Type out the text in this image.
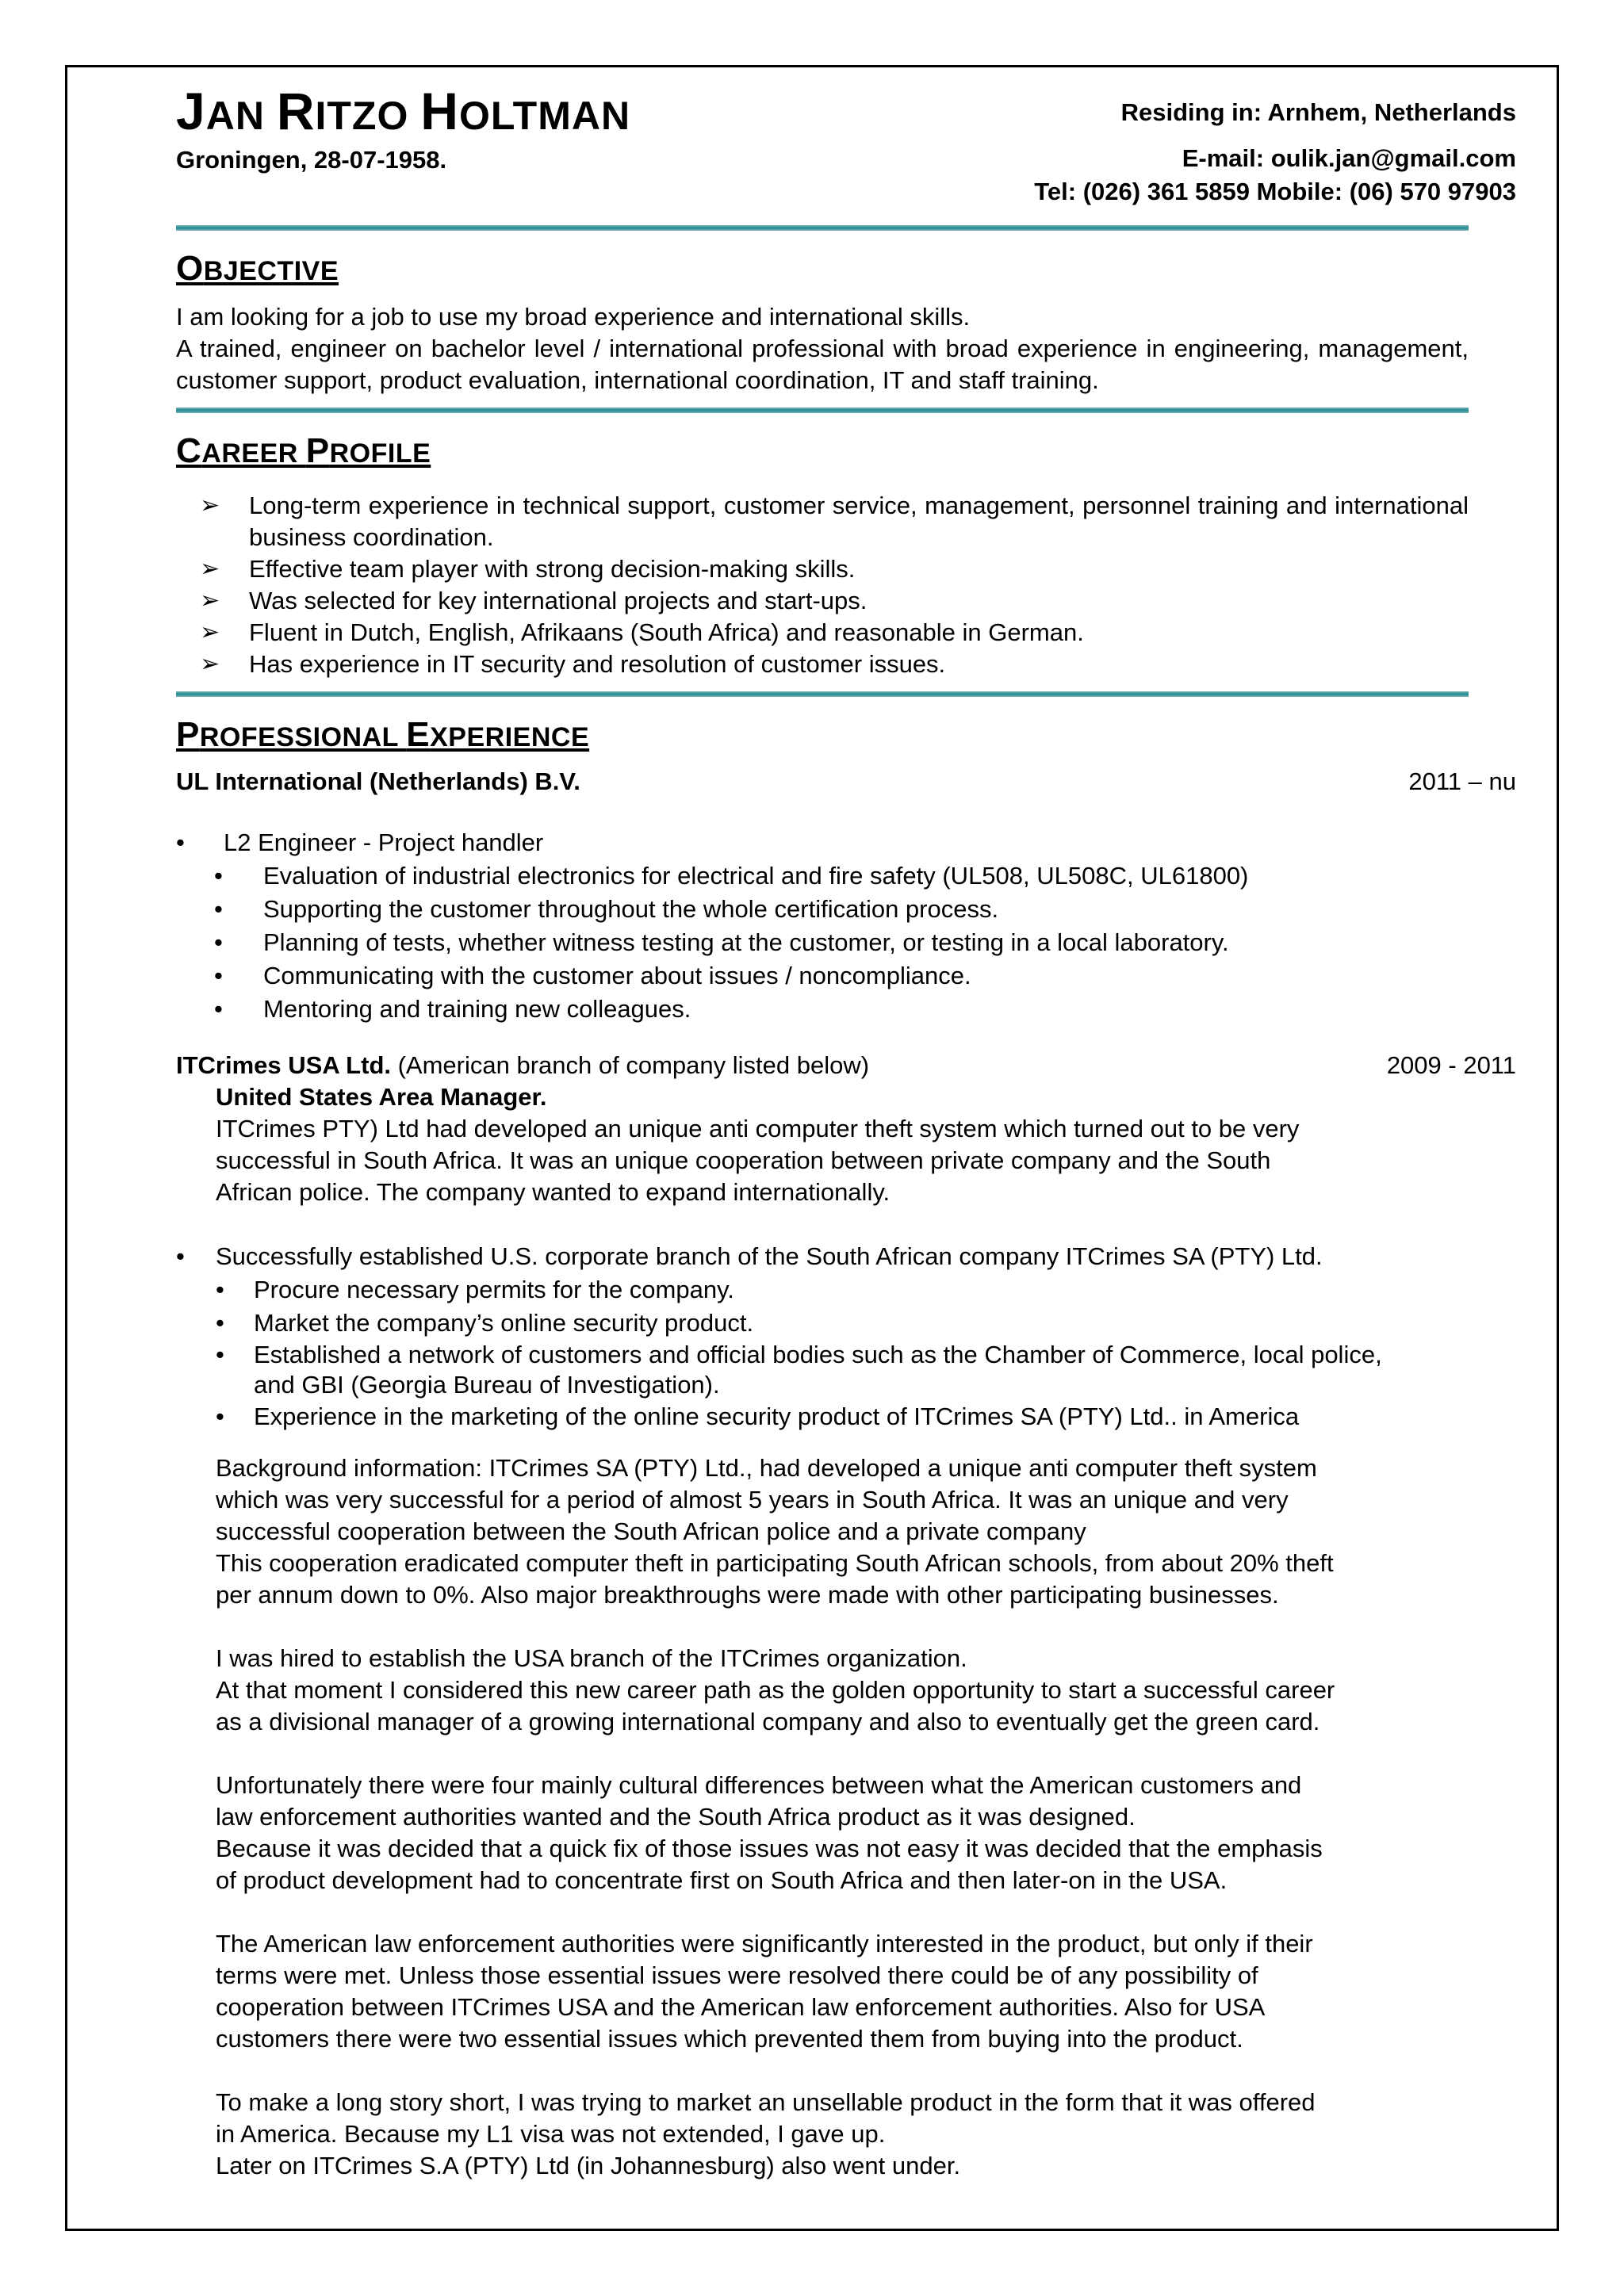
JAN RITZO HOLTMAN	Residing in: Arnhem, Netherlands
Groningen, 28-07-1958.	E-mail: oulik.jan@gmail.com
Tel: (026) 361 5859 Mobile: (06) 570 97903
OBJECTIVE

I am looking for a job to use my broad experience and international skills.

A trained, engineer on bachelor level / international professional with broad experience in engineering, management, customer support, product evaluation, international coordination, IT and staff training.

CAREER PROFILE
➢ Long-term experience in technical support, customer service, management, personnel training and international business coordination.
➢ Effective team player with strong decision-making skills.
➢ Was selected for key international projects and start-ups.
➢ Fluent in Dutch, English, Afrikaans (South Africa) and reasonable in German.
➢ Has experience in IT security and resolution of customer issues.
PROFESSIONAL EXPERIENCE
UL International (Netherlands) B.V.	2011 – nu
• L2 Engineer - Project handler
•	Evaluation of industrial electronics for electrical and fire safety (UL508, UL508C, UL61800)
•	Supporting the customer throughout the whole certification process.
•	Planning of tests, whether witness testing at the customer, or testing in a local laboratory.
•	Communicating with the customer about issues / noncompliance.
•	Mentoring and training new colleagues.
ITCrimes USA Ltd. (American branch of company listed below)	2009 - 2011
United States Area Manager.
ITCrimes PTY) Ltd had developed an unique anti computer theft system which turned out to be very
successful in South Africa. It was an unique cooperation between private company and the South
African police. The company wanted to expand internationally.
•	Successfully established U.S. corporate branch of the South African company ITCrimes SA (PTY) Ltd.
•	Procure necessary permits for the company.
•	Market the company’s online security product.
•	Established a network of customers and official bodies such as the Chamber of Commerce, local police, and GBI (Georgia Bureau of Investigation).
•	Experience in the marketing of the online security product of ITCrimes SA (PTY) Ltd.. in America
Background information: ITCrimes SA (PTY) Ltd., had developed a unique anti computer theft system
which was very successful for a period of almost 5 years in South Africa. It was an unique and very
successful cooperation between the South African police and a private company
This cooperation eradicated computer theft in participating South African schools, from about 20% theft
per annum down to 0%. Also major breakthroughs were made with other participating businesses.
I was hired to establish the USA branch of the ITCrimes organization.
At that moment I considered this new career path as the golden opportunity to start a successful career
as a divisional manager of a growing international company and also to eventually get the green card.
Unfortunately there were four mainly cultural differences between what the American customers and
law enforcement authorities wanted and the South Africa product as it was designed.
Because it was decided that a quick fix of those issues was not easy it was decided that the emphasis
of product development had to concentrate first on South Africa and then later-on in the USA.
The American law enforcement authorities were significantly interested in the product, but only if their
terms were met. Unless those essential issues were resolved there could be of any possibility of
cooperation between ITCrimes USA and the American law enforcement authorities. Also for USA
customers there were two essential issues which prevented them from buying into the product.
To make a long story short, I was trying to market an unsellable product in the form that it was offered
in America. Because my L1 visa was not extended, I gave up.
Later on ITCrimes S.A (PTY) Ltd (in Johannesburg) also went under.
